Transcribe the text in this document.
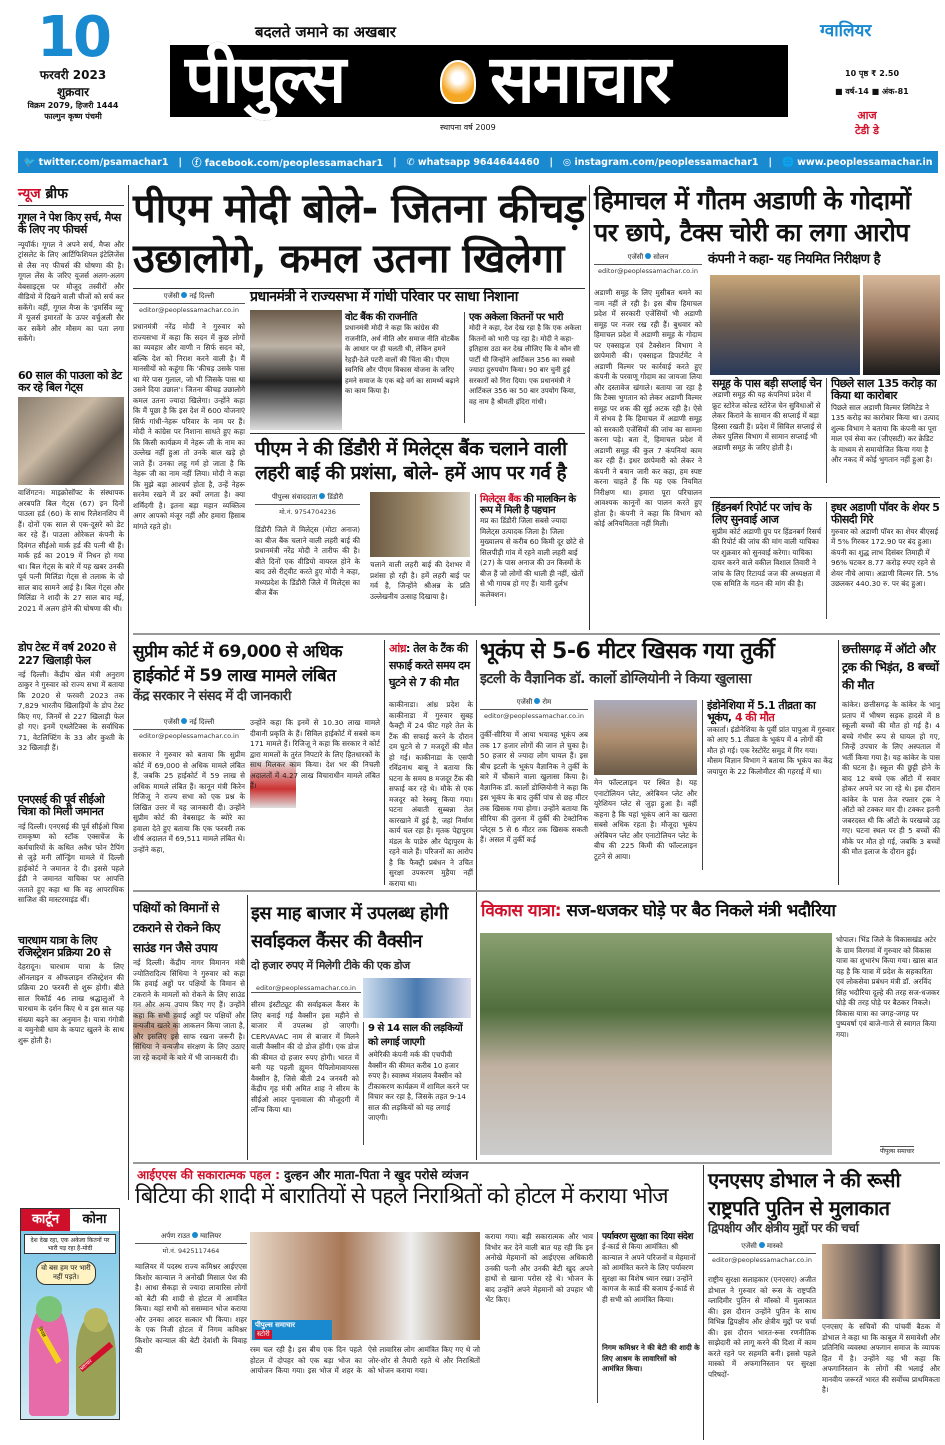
10
फरवरी 2023
शुक्रवार
विक्रम 2079, हिजरी 1444
फाल्गुन कृष्ण पंचमी
बदलते जमाने का अखबार
पीपुल्स समाचार
स्थापना वर्ष 2009
ग्वालियर
10 पृष्ठ ₹ 2.50
■ वर्ष-14 ■ अंक-81
आज
टेडी डे
🐦 twitter.com/psamachar1 | ⓕ facebook.com/peoplessamachar1 | ✆ whatsapp 9644644460 | ◎ instagram.com/peoplessamachar1 | 🌐 www.peoplessamachar.in
न्यूज ब्रीफ
गूगल ने पेश किए सर्च, मैप्स के लिए नए फीचर्स
न्यूयॉर्क। गूगल ने अपने सर्च, मैप्स और ट्रांसलेट के लिए आर्टिफिशियल इंटेलिजेंस से लैस नए फीचर्स की घोषणा की है। गूगल लेंस के जरिए यूजर्स अलग-अलग वेबसाइट्स पर मौजूद तस्वीरों और वीडियो में दिखने वाली चीजों को सर्च कर सकेंगे। वहीं, गूगल मैप्स के 'इमर्सिव व्यू' में यूजर्स इमारतों के ऊपर वर्चुअली सैर कर सकेंगे और मौसम का पता लगा सकेंगे।
60 साल की पाउला को डेट कर रहे बिल गेट्स
वाशिंगटन। माइक्रोसॉफ्ट के संस्थापक अरबपति बिल गेट्स (67) इन दिनों पाउला हर्ड (60) के साथ रिलेशनशिप में हैं। दोनों एक साल से एक-दूसरे को डेट कर रहे हैं। पाउला ओरेकल कंपनी के दिवंगत सीईओ मार्क हर्ड की पत्नी थी हैं। मार्क हर्ड का 2019 में निधन हो गया था। बिल गेट्स के बारे में यह खबर उनकी पूर्व पत्नी मिलिंडा गेट्स से तलाक के दो साल बाद सामने आई है। बिल गेट्स और मिलिंडा ने शादी के 27 साल बाद मई, 2021 में अलग होने की घोषणा की थी।
डोप टेस्ट में वर्ष 2020 से 227 खिलाड़ी फेल
नई दिल्ली। केंद्रीय खेल मंत्री अनुराग ठाकुर ने गुरुवार को राज्य सभा में बताया कि 2020 से फरवरी 2023 तक 7,829 भारतीय खिलाड़ियों के डोप टेस्ट किए गए, जिनमें से 227 खिलाड़ी फेल हो गए। इनमें एथलेटिक्स के सर्वाधिक 71, वेटलिफ्टिंग के 33 और कुश्ती के 32 खिलाड़ी हैं।
एनएसई की पूर्व सीईओ चित्रा को मिली जमानत
नई दिल्ली। एनएसई की पूर्व सीईओ चित्रा रामकृष्ण को स्टॉक एक्सचेंज के कर्मचारियों के कथित अवैध फोन टैपिंग से जुड़े मनी लॉन्ड्रिंग मामले में दिल्ली हाईकोर्ट ने जमानत दे दी। इससे पहले ईडी ने जमानत याचिका पर आपत्ति जताते हुए कहा था कि वह आपराधिक साजिश की मास्टरमाइंड थीं।
चारधाम यात्रा के लिए रजिस्ट्रेशन प्रक्रिया 20 से
देहरादून। चारधाम यात्रा के लिए ऑनलाइन व ऑफलाइन रजिस्ट्रेशन की प्रक्रिया 20 फरवरी से शुरू होगी। बीते साल रिकॉर्ड 46 लाख श्रद्धालुओं ने चारधाम के दर्शन किए थे व इस साल यह संख्या बढ़ने का अनुमान है। यात्रा गंगोत्री व यमुनोत्री धाम के कपाट खुलने के साथ शुरू होती है।
कार्टून	कोना
देश देख रहा, एक अकेला कितनों पर भारी पड़ रहा है-मोदी
वो बस हम पर भारी नहीं पड़ते।
विपक्ष
भ्रष्टाचार
पीएम मोदी बोले- जितना कीचड़ उछालोगे, कमल उतना खिलेगा
एजेंसी नई दिल्ली
editor@peoplessamachar.co.in
प्रधानमंत्री ने राज्यसभा में गांधी परिवार पर साधा निशाना
प्रधानमंत्री नरेंद्र मोदी ने गुरुवार को राज्यसभा में कहा कि सदन में कुछ लोगों का व्यवहार और वाणी न सिर्फ सदन को, बल्कि देश को निराश करने वाली है। मैं मानसीयों को कहूंगा कि 'कीचड़ उसके पास था मेरे पास गुलाल, जो भी जिसके पास था उसने दिया उछाल'। जितना कीचड़ उछालोगे कमल उतना ज्यादा खिलेगा। उन्होंने कहा कि मैं पूछा है कि इस देश में 600 योजनाएं सिर्फ गांधी-नेहरू परिवार के नाम पर हैं। मोदी ने कांग्रेस पर निशाना साधते हुए कहा कि किसी कार्यक्रम में नेहरू जी के नाम का उल्लेख नहीं हुआ तो उनके बाल खड़े हो जाते हैं। उनका लहू गर्म हो जाता है कि नेहरू जी का नाम नहीं लिया। मोदी ने कहा कि मुझे बड़ा आश्चर्य होता है, उन्हें नेहरू सरनेम रखने में डर क्यों लगता है। क्या शर्मिंदगी है। इतना बड़ा महान व्यक्तित्व अगर आपको मंजूर नहीं और हमारा हिसाब मांगते रहते हो।
वोट बैंक की राजनीति
प्रधानमंत्री मोदी ने कहा कि कांग्रेस की राजनीति, अर्थ नीति और समाज नीति वोटबैंक के आधार पर ही चलती थी, लेकिन हमने रेहड़ी-ठेले पटरी वालों की चिंता की। पीएम स्वनिधि और पीएम विकास योजना के जरिए हमने समाज के एक बड़े वर्ग का सामर्थ्य बढ़ाने का काम किया है।
एक अकेला कितनों पर भारी
मोदी ने कहा, देश देख रहा है कि एक अकेला कितनों को भारी पड़ रहा है। मोदी ने कहा- इतिहास उठा कर देख लीजिए कि वे कौन सी पार्टी थी जिन्होंने आर्टिकल 356 का सबसे ज्यादा दुरुपयोग किया। 90 बार चुनी हुई सरकारों को गिरा दिया। एक प्रधानमंत्री ने आर्टिकल 356 का 50 बार उपयोग किया, वह नाम है श्रीमती इंदिरा गांधी।
पीएम ने की डिंडौरी में मिलेट्स बैंक चलाने वाली लहरी बाई की प्रशंसा, बोले- हमें आप पर गर्व है
पीपुल्स संवाददाता डिंडौरी
मो.नं. 9754704236
डिंडौरी जिले में मिलेट्स (मोटा अनाज) का बीज बैंक चलाने वाली लहरी बाई की प्रधानमंत्री नरेंद्र मोदी ने तारीफ की है। बीते दिनों एक वीडियो वायरल होने के बाद उसे रीट्वीट करते हुए मोदी ने कहा, मध्यप्रदेश के डिंडौरी जिले में मिलेट्स का बीज बैंक
चलाने वाली लहरी बाई की देशभर में प्रशंसा हो रही है। हमें लहरी बाई पर गर्व है, जिन्होंने श्रीअन्न के प्रति उल्लेखनीय उत्साह दिखाया है।
मिलेट्स बैंक की मालकिन के रूप में मिली है पहचान
मप्र का डिंडौरी जिला सबसे ज्यादा मिलेट्स उत्पादक जिला है। जिला मुख्यालय से करीब 60 किमी दूर छोटे से सिलपीड़ी गांव में रहने वाली लहरी बाई (27) के पास अनाज की उन किस्मों के बीज हैं जो लोगों की थाली ही नहीं, खेतों से भी गायब हो गए हैं। यानी दुर्लभ कलेक्शन।
हिमाचल में गौतम अडाणी के गोदामों पर छापे, टैक्स चोरी का लगा आरोप
एजेंसी सोलन
editor@peoplessamachar.co.in
कंपनी ने कहा- यह नियमित निरीक्षण है
अडाणी समूह के लिए मुसीबत थमने का नाम नहीं ले रही है। इस बीच हिमाचल प्रदेश में सरकारी एजेंसियों भी अडाणी समूह पर नजर रख रही हैं। बुधवार को हिमाचल प्रदेश में अडाणी समूह के गोदाम पर एक्साइज एवं टैक्सेशन विभाग ने छापेमारी की। एक्साइज डिपार्टमेंट ने अडाणी विल्मर पर कार्रवाई करते हुए कंपनी के परवाणू गोदाम का जायजा लिया और दस्तावेज खंगाले। बताया जा रहा है कि टैक्स भुगतान को लेकर अडाणी विल्मर समूह पर शक की सुई अटक रही है। ऐसे में संभव है कि हिमाचल में अडाणी समूह को सरकारी एजेंसियों की जांच का सामना करना पड़े। बता दें, हिमाचल प्रदेश में अडाणी समूह की कुल 7 कंपनियां काम कर रही हैं। इधर छापेमारी को लेकर ने कंपनी ने बयान जारी कर कहा, हम स्पष्ट करना चाहते हैं कि यह एक नियमित निरीक्षण था। हमारा पूरा परिचालन आवश्यक कानूनों का पालन करते हुए होता है। कंपनी ने कहा कि विभाग को कोई अनियमितता नहीं मिली।
समूह के पास बड़ी सप्लाई चेन
अडाणी समूह की यह कंपनियां प्रदेश में फ्रूट स्टोरेज कोल्ड स्टोरेज चेन सुविधाओं से लेकर किराने के सामान की सप्लाई में बड़ा हिस्सा रखती हैं। प्रदेश में सिविल सप्लाई से लेकर पुलिस विभाग में सामान सप्लाई भी अडाणी समूह के जरिए होती है।
पिछले साल 135 करोड़ का किया था कारोबार
पिछले साल अडाणी विल्मर लिमिटेड ने 135 करोड़ का कारोबार किया था। उत्पाद शुल्क विभाग ने बताया कि कंपनी का पूरा माल एवं सेवा कर (जीएसटी) कर क्रेडिट के माध्यम से समायोजित किया गया है और नकद में कोई भुगतान नहीं हुआ है।
हिंडनबर्ग रिपोर्ट पर जांच के लिए सुनवाई आज
सुप्रीम कोर्ट अडाणी ग्रुप पर हिंडनबर्ग रिसर्च की रिपोर्ट की जांच की मांग वाली याचिका पर शुक्रवार को सुनवाई करेगा। याचिका दायर करने वाले वकील विशाल तिवारी ने जांच के लिए रिटायर्ड जज की अध्यक्षता में एक समिति के गठन की मांग की है।
इधर अडाणी पॉवर के शेयर 5 फीसदी गिरे
गुरुवार को अडाणी पॉवर का शेयर बीएसई में 5% गिरकर 172.90 पर बंद हुआ। कंपनी का शुद्ध लाभ दिसंबर तिमाही में 96% घटकर 8.77 करोड़ रुपए रहने से शेयर नीचे आया। अडाणी विल्मर लि. 5% उछलकर 440.30 रु. पर बंद हुआ।
सुप्रीम कोर्ट में 69,000 से अधिक हाईकोर्ट में 59 लाख मामले लंबित
केंद्र सरकार ने संसद में दी जानकारी
एजेंसी नई दिल्ली
editor@peoplessamachar.co.in
सरकार ने गुरुवार को बताया कि सुप्रीम कोर्ट में 69,000 से अधिक मामले लंबित हैं, जबकि 25 हाईकोर्ट में 59 लाख से अधिक मामले लंबित हैं। कानून मंत्री किरेन रिजिजू ने राज्य सभा को एक प्रश्न के लिखित उत्तर में यह जानकारी दी। उन्होंने सुप्रीम कोर्ट की वेबसाइट के ब्योरे का हवाला देते हुए बताया कि एक फरवरी तक शीर्ष अदालत में 69,511 मामले लंबित थे। उन्होंने कहा,
उन्होंने कहा कि इनमें से 10.30 लाख मामले दीवानी प्रकृति के हैं। सिविल हाईकोर्ट में सबसे कम 171 मामले हैं। रिजिजू ने कहा कि सरकार ने कोर्ट द्वारा मामलों के तुरंत निपटारे के लिए हितधारकों के साथ मिलकर काम किया। देश भर की निचली अदालतों में 4.27 लाख विचाराधीन मामले लंबित हैं।
आंध्र: तेल के टैंक की सफाई करते समय दम घुटने से 7 की मौत
काकीनाडा। आंध्र प्रदेश के काकीनाडा में गुरुवार सुबह फैक्ट्री में 24 फीट गहरे तेल के टैंक की सफाई करने के दौरान दम घुटने से 7 मजदूरों की मौत हो गई। काकीनाडा के एसपी रविंद्रनाथ बाबू ने बताया कि घटना के समय 8 मजदूर टैंक की सफाई कर रहे थे। मौके से एक मजदूर को रेस्क्यू किया गया। घटना अंबाती सुब्बन्ना तेल कारखाने में हुई है, जहां निर्माण कार्य चल रहा है। मृतक पेद्दापुरम मंडल के पाडेरु और पेद्दापुरम के रहने वाले हैं। परिजनों का आरोप है कि फैक्ट्री प्रबंधन ने उचित सुरक्षा उपकरण मुहैया नहीं कराया था।
भूकंप से 5-6 मीटर खिसक गया तुर्की
इटली के वैज्ञानिक डॉ. कार्लो डोग्लियोनी ने किया खुलासा
एजेंसी रोम
editor@peoplessamachar.co.in
तुर्की-सीरिया में आया भयावह भूकंप अब तक 17 हजार लोगों की जान ले चुका है। 50 हजार से ज्यादा लोग घायल हैं। इस बीच इटली के भूकंप वैज्ञानिक ने तुर्की के बारे में चौंकाने वाला खुलासा किया है। वैज्ञानिक डॉ. कार्लो डोग्लियोनी ने कहा कि इस भूकंप के बाद तुर्की पांच से छह मीटर तक खिसक गया होगा। उन्होंने बताया कि सीरिया की तुलना में तुर्की की टेक्टोनिक प्लेट्स 5 से 6 मीटर तक खिसक सकती हैं। असल में तुर्की कई
मेन फॉल्टलाइन पर स्थित है। यह एनाटोलियन प्लेट, अरेबियन प्लेट और यूरेशियन प्लेट से जुड़ा हुआ है। वहीं कहना है कि यहां भूकंप आने का खतरा सबसे अधिक रहता है। मौजूदा भूकंप अरेबियन प्लेट और एनाटोलियन प्लेट के बीच की 225 किमी की फॉल्टलाइन टूटने से आया।
इंडोनेशिया में 5.1 तीव्रता का भूकंप, 4 की मौत
जकार्ता। इंडोनेशिया के पूर्वी प्रांत पापुआ में गुरुवार को आए 5.1 तीव्रता के भूकंप में 4 लोगों की मौत हो गई। एक रेस्टोरेंट समुद्र में गिर गया। मौसम विज्ञान विभाग ने बताया कि भूकंप का केंद्र जयापुरा के 22 किलोमीटर की गहराई में था।
छत्तीसगढ़ में ऑटो और ट्रक की भिड़ंत, 8 बच्चों की मौत
कांकेर। छत्तीसगढ़ के कांकेर के भानु प्रताप में भीषण सड़क हादसे में 8 स्कूली बच्चों की मौत हो गई है। 4 बच्चे गंभीर रूप से घायल हो गए, जिन्हें उपचार के लिए अस्पताल में भर्ती किया गया है। यह कांकेर के पास की घटना है। स्कूल की छुट्टी होने के बाद 12 बच्चे एक ऑटो में सवार होकर अपने घर जा रहे थे। इस दौरान कांकेर के पास तेज रफ्तार ट्रक ने ऑटो को टक्कर मार दी। टक्कर इतनी जबरदस्त थी कि ऑटो के परखच्चे उड़ गए। घटना स्थल पर ही 5 बच्चों की मौके पर मौत हो गई, जबकि 3 बच्चों की मौत इलाज के दौरान हुई।
पक्षियों को विमानों से टकराने से रोकने किए साउंड गन जैसे उपाय
नई दिल्ली। केंद्रीय नागर विमानन मंत्री ज्योतिरादित्य सिंधिया ने गुरुवार को कहा कि हवाई अड्डों पर पक्षियों के विमान से टकराने के मामलों को रोकने के लिए साउंड गन और अन्य उपाय किए गए हैं। उन्होंने कहा कि सभी हवाई अड्डों पर पक्षियों और वन्यजीव खतरे का आकलन किया जाता है, और इसलिए इसे साफ रखना जरूरी है। सिंधिया ने वन्यजीव संरक्षण के लिए उठाए जा रहे कदमों के बारे में भी जानकारी दी।
इस माह बाजार में उपलब्ध होगी सर्वाइकल कैंसर की वैक्सीन
दो हजार रुपए में मिलेगी टीके की एक डोज
editor@peoplessamachar.co.in
सीरम इंस्टीट्यूट की सर्वाइकल कैंसर के लिए बनाई गई वैक्सीन इस महीने से बाजार में उपलब्ध हो जाएगी। CERVAVAC नाम से बाजार में मिलने वाली वैक्सीन की दो डोज होंगी। एक डोज की कीमत दो हजार रुपए होगी। भारत में बनी यह पहली ह्यूमन पैपिलोमावायरस वैक्सीन है, जिसे बीती 24 जनवरी को केंद्रीय गृह मंत्री अमित शाह ने सीरम के सीईओ आदर पूनावाला की मौजूदगी में लॉन्च किया था।
9 से 14 साल की लड़कियों को लगाई जाएगी
अमेरिकी कंपनी मर्क की एचपीवी वैक्सीन की कीमत करीब 10 हजार रुपए है। स्वास्थ्य मंत्रालय वैक्सीन को टीकाकरण कार्यक्रम में शामिल करने पर विचार कर रहा है, जिसके तहत 9-14 साल की लड़कियों को यह लगाई जाएगी।
विकास यात्रा: सज-धजकर घोड़े पर बैठ निकले मंत्री भदौरिया
भोपाल। भिंड जिले के विकासखंड अटेर के ग्राम विरगवां में गुरुवार को विकास यात्रा का शुभारंभ किया गया। खास बात यह है कि यात्रा में प्रदेश के सहकारिता एवं लोकसेवा प्रबंधन मंत्री डॉ. अरविंद सिंह भदौरिया दूल्हे की तरह सज-धजकर घोड़े की तरह घोड़े पर बैठकर निकले। विकास यात्रा का जगह-जगह पर पुष्पवर्षा एवं बाजे-गाजे से स्वागत किया गया।
पीपुल्स समाचार
आईएएस की सकारात्मक पहल : दुल्हन और माता-पिता ने खुद परोसे व्यंजन
बिटिया की शादी में बारातियों से पहले निराश्रितों को होटल में कराया भोज
अर्पण राउत ग्वालियर
मो.नं. 9425117464
ग्वालियर में पदस्थ राज्य कमिश्नर आईएएस किशोर कान्याल ने अनोखी मिसाल पेश की है। आधा सैकड़ा से ज्यादा लावारिस लोगों को बेटी की शादी से होटल में आमंत्रित किया। यहां सभी को ससम्मान भोज कराया और उनका आदर सत्कार भी किया। शहर के एक निजी होटल में निगम कमिश्नर किशोर कान्याल की बेटी देवांशी के विवाह की
पीपुल्स समाचार
स्टोरी
रस्म चल रही है। इस बीच एक दिन पहले होटल में दोपहर को एक बड़ा भोज का आयोजन किया गया। इस भोज में शहर के ऐसे लावारिस लोग आमंत्रित किए गए थे जो जोर-शोर से तैयारी रहते थे और निराश्रितों को भोजन कराया गया।
कराया गया। बड़ी सकारात्मक और भाव विभोर कर देने वाली बात यह रही कि इन अनोखे मेहमानों को आईएएस अधिकारी उनकी पत्नी और उनकी बेटी खुद अपने हाथों से खाना परोस रहे थे। भोजन के बाद उन्होंने अपने मेहमानों को उपहार भी भेंट किए।
पर्यावरण सुरक्षा का दिया संदेश
ई-कार्ड से किया आमंत्रित। श्री कान्याल ने अपने परिजनों व मेहमानों को आमंत्रित करने के लिए पर्यावरण सुरक्षा का विशेष ध्यान रखा। उन्होंने कागज के कार्ड की बजाय ई-कार्ड से ही सभी को आमंत्रित किया।
निगम कमिश्नर ने की बेटी की शादी के लिए आश्रम के लावारिसों को आमंत्रित किया।
एनएसए डोभाल ने की रूसी राष्ट्रपति पुतिन से मुलाकात
द्विपक्षीय और क्षेत्रीय मुद्दों पर की चर्चा
एजेंसी मास्को
editor@peoplessamachar.co.in
राष्ट्रीय सुरक्षा सलाहकार (एनएसए) अजीत डोभाल ने गुरुवार को रूस के राष्ट्रपति व्लादिमीर पुतिन से मॉस्को में मुलाकात की। इस दौरान उन्होंने पुतिन के साथ विभिन्न द्विपक्षीय और क्षेत्रीय मुद्दों पर चर्चा की। इस दौरान भारत-रूस रणनीतिक साझेदारी को लागू करने की दिशा में काम करते रहने पर सहमति बनी। इससे पहले मास्को में अफगानिस्तान पर सुरक्षा परिषदों-
एनएसए के सचिवों की पांचवीं बैठक में डोभाल ने कहा था कि काबुल में समावेशी और प्रतिनिधि व्यवस्था अफगान समाज के व्यापक हित में है। उन्होंने यह भी कहा कि अफगानिस्तान के लोगों की भलाई और मानवीय जरूरतें भारत की सर्वोच्च प्राथमिकता है।
